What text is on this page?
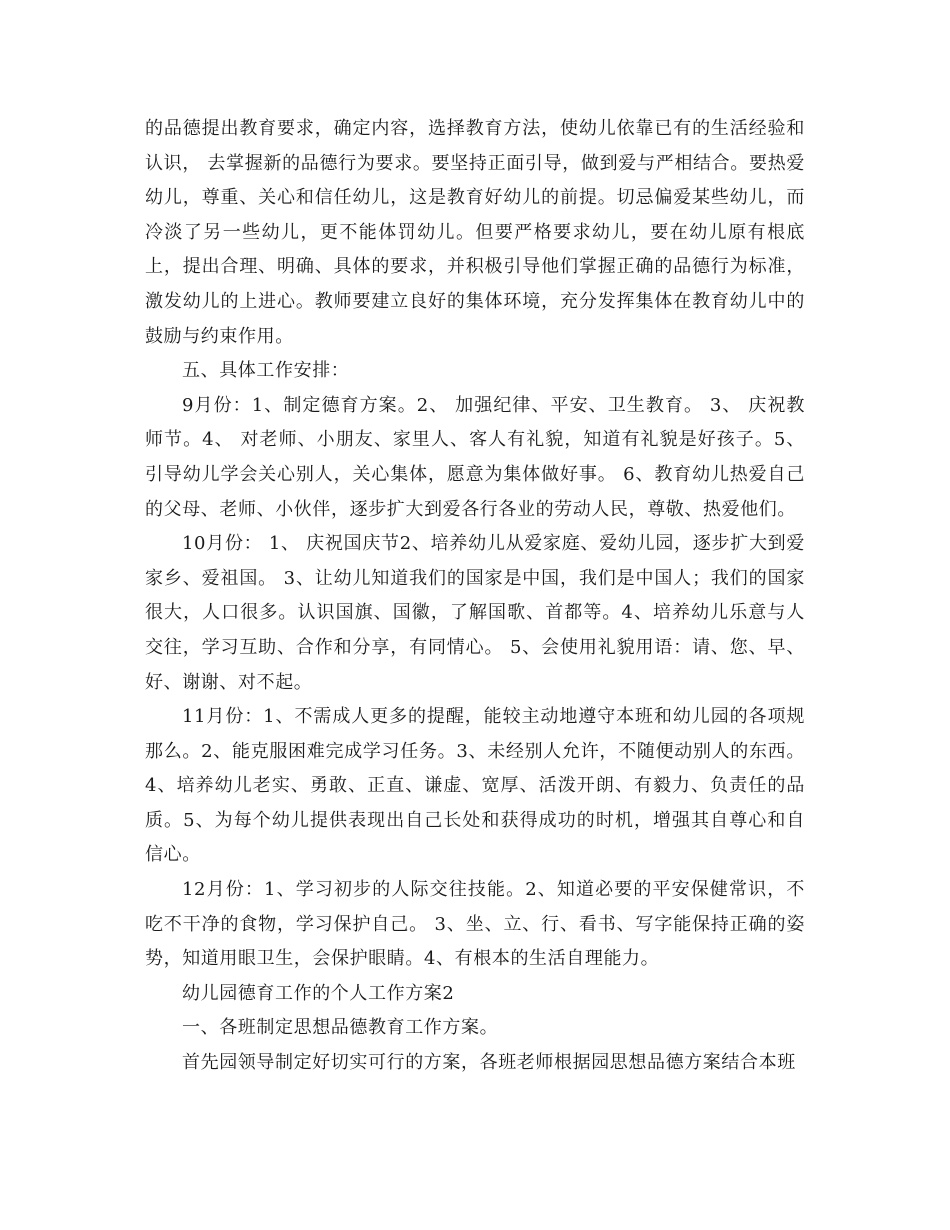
的品德提出教育要求，确定内容，选择教育方法，使幼儿依靠已有的生活经验和认识， 去掌握新的品德行为要求。要坚持正面引导，做到爱与严相结合。要热爱幼儿，尊重、关心和信任幼儿，这是教育好幼儿的前提。切忌偏爱某些幼儿，而冷淡了另一些幼儿，更不能体罚幼儿。但要严格要求幼儿，要在幼儿原有根底上，提出合理、明确、具体的要求，并积极引导他们掌握正确的品德行为标准，激发幼儿的上进心。教师要建立良好的集体环境，充分发挥集体在教育幼儿中的鼓励与约束作用。

五、具体工作安排：

9月份：1、制定德育方案。2、 加强纪律、平安、卫生教育。 3、 庆祝教师节。4、 对老师、小朋友、家里人、客人有礼貌，知道有礼貌是好孩子。5、 引导幼儿学会关心别人，关心集体，愿意为集体做好事。 6、教育幼儿热爱自己的父母、老师、小伙伴，逐步扩大到爱各行各业的劳动人民，尊敬、热爱他们。

10月份： 1、 庆祝国庆节2、培养幼儿从爱家庭、爱幼儿园，逐步扩大到爱家乡、爱祖国。 3、让幼儿知道我们的国家是中国，我们是中国人；我们的国家很大，人口很多。认识国旗、国徽，了解国歌、首都等。4、培养幼儿乐意与人交往，学习互助、合作和分享，有同情心。 5、会使用礼貌用语：请、您、早、好、谢谢、对不起。

11月份：1、不需成人更多的提醒，能较主动地遵守本班和幼儿园的各项规那么。2、能克服困难完成学习任务。3、未经别人允许，不随便动别人的东西。4、培养幼儿老实、勇敢、正直、谦虚、宽厚、活泼开朗、有毅力、负责任的品质。5、为每个幼儿提供表现出自己长处和获得成功的时机，增强其自尊心和自信心。

12月份：1、学习初步的人际交往技能。2、知道必要的平安保健常识，不吃不干净的食物，学习保护自己。 3、坐、立、行、看书、写字能保持正确的姿势，知道用眼卫生，会保护眼睛。4、有根本的生活自理能力。

幼儿园德育工作的个人工作方案2

一、各班制定思想品德教育工作方案。

首先园领导制定好切实可行的方案，各班老师根据园思想品德方案结合本班
